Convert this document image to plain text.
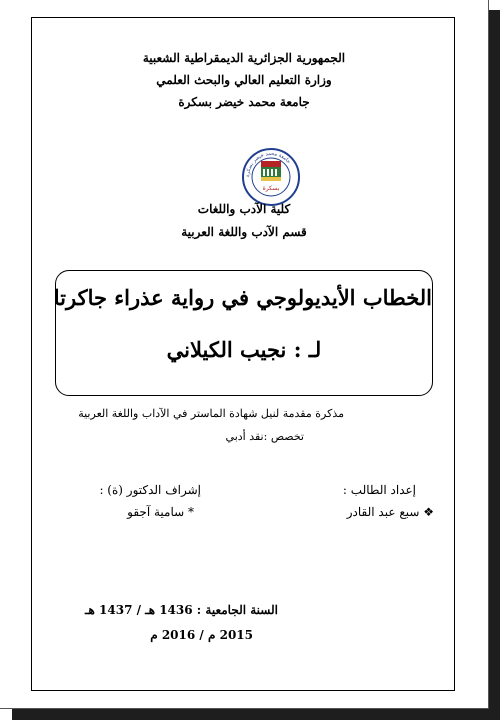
الجمهورية الجزائرية الديمقراطية الشعبية
وزارة التعليم العالي والبحث العلمي
جامعة محمد خيضر بسكرة
جامعة محمد خيضر بسكرة
بسكرة
كلية الآدب واللغات
قسم الآدب واللغة العربية
الخطاب الأيديولوجي في رواية عذراء جاكرتا
لـ : نجيب الكيلاني
مذكرة مقدمة لنيل شهادة الماستر في الآداب واللغة العربية
تخصص :نقد أدبي
إعداد الطالب :
❖ سبع عبد القادر
إشراف الدكتور (ة) :
* سامية آجقو
السنة الجامعية : 1436 هـ / 1437 هـ
2015 م / 2016 م
